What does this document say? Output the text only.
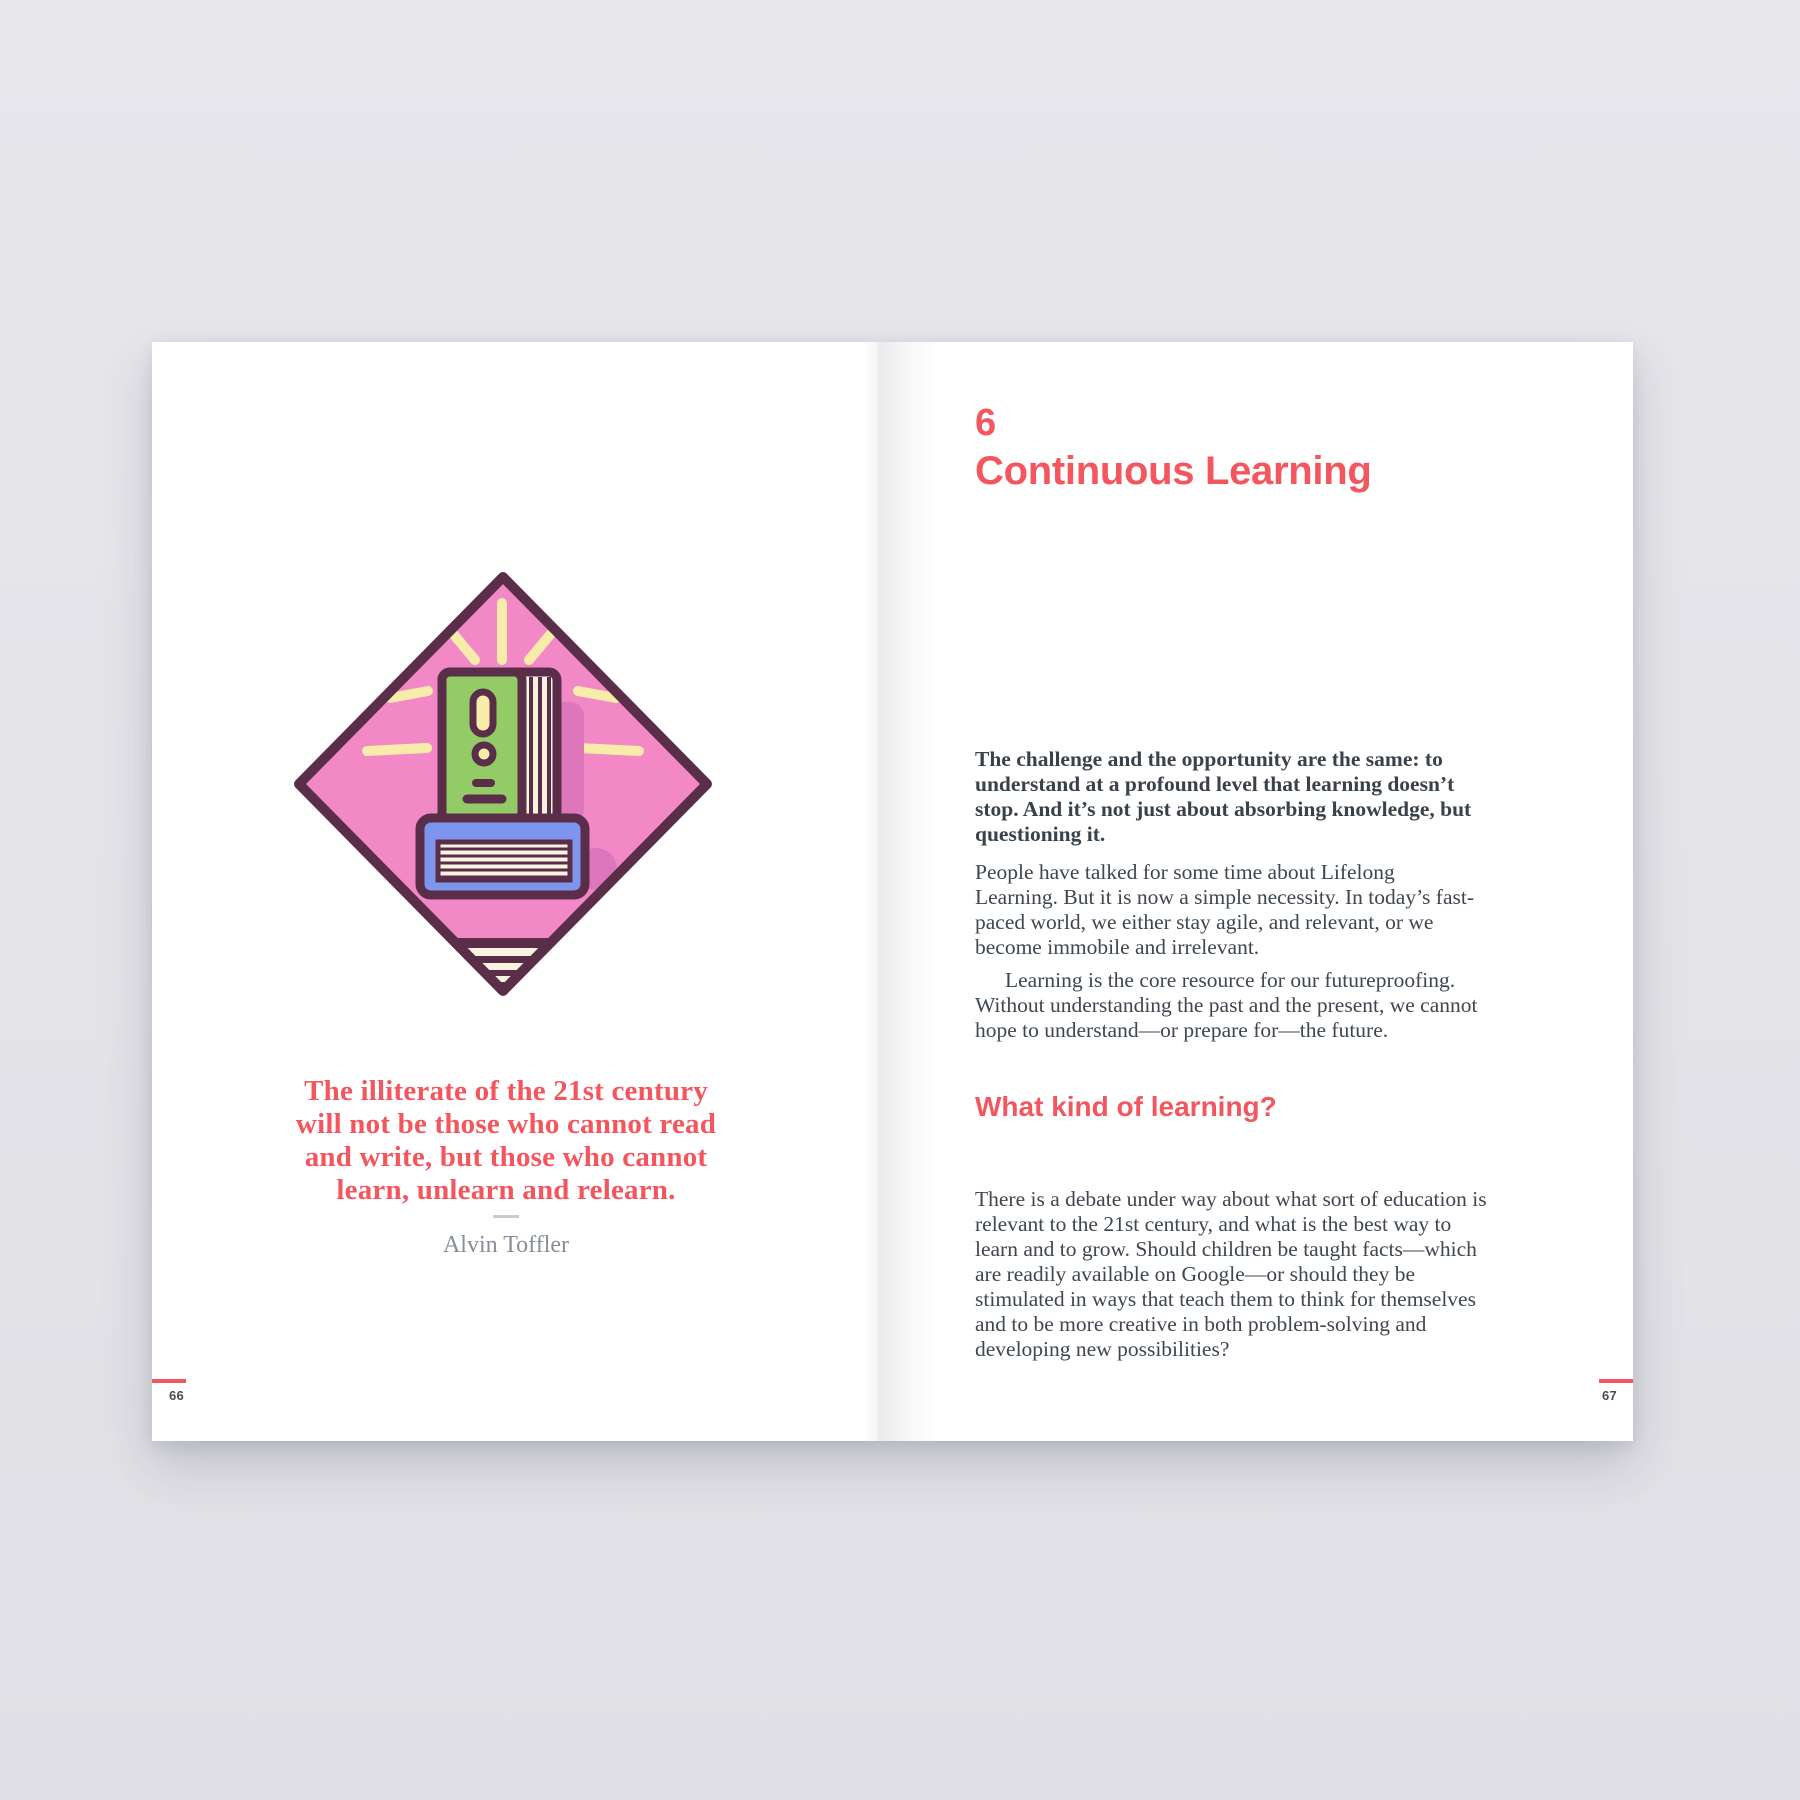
The illiterate of the 21st century
will not be those who cannot read
and write, but those who cannot
learn, unlearn and relearn.
Alvin Toffler
66
6
Continuous Learning

The challenge and the opportunity are the same: to understand at a profound level that learning doesn’t stop. And it’s not just about absorbing knowledge, but questioning it.

People have talked for some time about Lifelong Learning. But it is now a simple necessity. In today’s fast-paced world, we either stay agile, and relevant, or we become immobile and irrelevant.

Learning is the core resource for our futureproofing. Without understanding the past and the present, we cannot hope to understand—or prepare for—the future.

What kind of learning?

There is a debate under way about what sort of education is relevant to the 21st century, and what is the best way to learn and to grow. Should children be taught facts—which are readily available on Google—or should they be stimulated in ways that teach them to think for themselves and to be more creative in both problem-solving and developing new possibilities?

67
